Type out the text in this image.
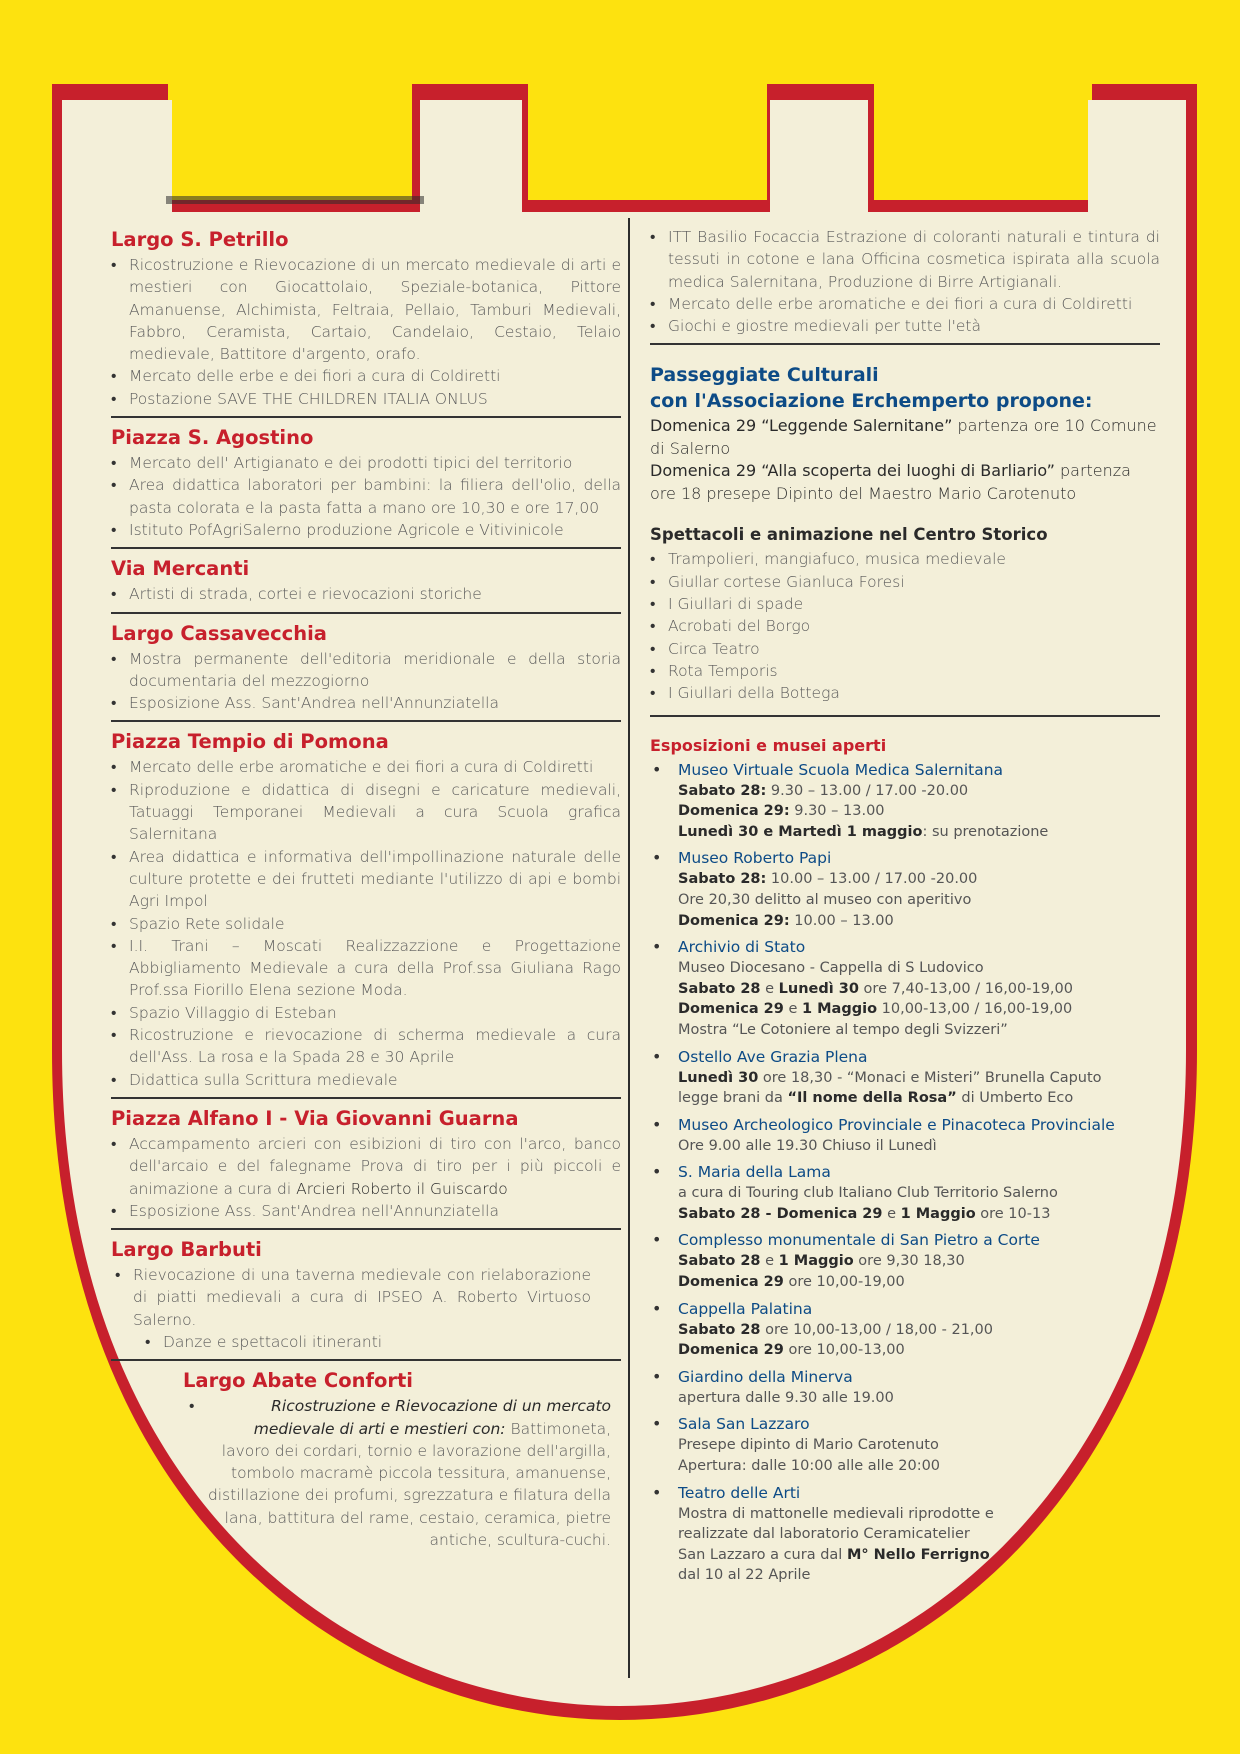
Largo S. Petrillo
• Ricostruzione e Rievocazione di un mercato medievale di arti e mestieri con Giocattolaio, Speziale-botanica, Pittore Amanuense, Alchimista, Feltraia, Pellaio, Tamburi Medievali, Fabbro, Ceramista, Cartaio, Candelaio, Cestaio, Telaio medievale, Battitore d'argento, orafo.
• Mercato delle erbe e dei fiori a cura di Coldiretti
• Postazione SAVE THE CHILDREN ITALIA ONLUS
Piazza S. Agostino
• Mercato dell' Artigianato e dei prodotti tipici del territorio
• Area didattica laboratori per bambini: la filiera dell'olio, della pasta colorata e la pasta fatta a mano ore 10,30 e ore 17,00
• Istituto PofAgriSalerno produzione Agricole e Vitivinicole
Via Mercanti
• Artisti di strada, cortei e rievocazioni storiche
Largo Cassavecchia
• Mostra permanente dell'editoria meridionale e della storia documentaria del mezzogiorno
• Esposizione Ass. Sant'Andrea nell'Annunziatella
Piazza Tempio di Pomona
• Mercato delle erbe aromatiche e dei fiori a cura di Coldiretti
• Riproduzione e didattica di disegni e caricature medievali, Tatuaggi Temporanei Medievali a cura Scuola grafica Salernitana
• Area didattica e informativa dell'impollinazione naturale delle culture protette e dei frutteti mediante l'utilizzo di api e bombi Agri Impol
• Spazio Rete solidale
• I.I. Trani – Moscati Realizzazzione e Progettazione Abbigliamento Medievale a cura della Prof.ssa Giuliana Rago Prof.ssa Fiorillo Elena sezione Moda.
• Spazio Villaggio di Esteban
• Ricostruzione e rievocazione di scherma medievale a cura dell'Ass. La rosa e la Spada 28 e 30 Aprile
• Didattica sulla Scrittura medievale
Piazza Alfano I - Via Giovanni Guarna
• Accampamento arcieri con esibizioni di tiro con l'arco, banco dell'arcaio e del falegname Prova di tiro per i più piccoli e animazione a cura di Arcieri Roberto il Guiscardo
• Esposizione Ass. Sant'Andrea nell'Annunziatella
Largo Barbuti
• Rievocazione di una taverna medievale con rielaborazione di piatti medievali a cura di IPSEO A. Roberto Virtuoso Salerno.
• Danze e spettacoli itineranti
Largo Abate Conforti
• Ricostruzione e Rievocazione di un mercato medievale di arti e mestieri con: Battimoneta, lavoro dei cordari, tornio e lavorazione dell'argilla, tombolo macramè piccola tessitura, amanuense, distillazione dei profumi, sgrezzatura e filatura della lana, battitura del rame, cestaio, ceramica, pietre antiche, scultura-cuchi.
• ITT Basilio Focaccia Estrazione di coloranti naturali e tintura di tessuti in cotone e lana Officina cosmetica ispirata alla scuola medica Salernitana, Produzione di Birre Artigianali.
• Mercato delle erbe aromatiche e dei fiori a cura di Coldiretti
• Giochi e giostre medievali per tutte l'età
Passeggiate Culturali
con l'Associazione Erchemperto propone:
Domenica 29 “Leggende Salernitane” partenza ore 10 Comune di Salerno
Domenica 29 “Alla scoperta dei luoghi di Barliario” partenza ore 18 presepe Dipinto del Maestro Mario Carotenuto
Spettacoli e animazione nel Centro Storico
• Trampolieri, mangiafuco, musica medievale
• Giullar cortese Gianluca Foresi
• I Giullari di spade
• Acrobati del Borgo
• Circa Teatro
• Rota Temporis
• I Giullari della Bottega
Esposizioni e musei aperti
• Museo Virtuale Scuola Medica Salernitana
Sabato 28: 9.30 – 13.00 / 17.00 -20.00
Domenica 29: 9.30 – 13.00
Lunedì 30 e Martedì 1 maggio: su prenotazione
• Museo Roberto Papi
Sabato 28: 10.00 – 13.00 / 17.00 -20.00
Ore 20,30 delitto al museo con aperitivo
Domenica 29: 10.00 – 13.00
• Archivio di Stato
Museo Diocesano - Cappella di S Ludovico
Sabato 28 e Lunedì 30 ore 7,40-13,00 / 16,00-19,00
Domenica 29 e 1 Maggio 10,00-13,00 / 16,00-19,00
Mostra “Le Cotoniere al tempo degli Svizzeri”
• Ostello Ave Grazia Plena
Lunedì 30 ore 18,30 - “Monaci e Misteri” Brunella Caputo
legge brani da “Il nome della Rosa” di Umberto Eco
• Museo Archeologico Provinciale e Pinacoteca Provinciale
Ore 9.00 alle 19.30 Chiuso il Lunedì
• S. Maria della Lama
a cura di Touring club Italiano Club Territorio Salerno
Sabato 28 - Domenica 29 e 1 Maggio ore 10-13
• Complesso monumentale di San Pietro a Corte
Sabato 28 e 1 Maggio ore 9,30 18,30
Domenica 29 ore 10,00-19,00
• Cappella Palatina
Sabato 28 ore 10,00-13,00 / 18,00 - 21,00
Domenica 29 ore 10,00-13,00
• Giardino della Minerva
apertura dalle 9.30 alle 19.00
• Sala San Lazzaro
Presepe dipinto di Mario Carotenuto
Apertura: dalle 10:00 alle alle 20:00
• Teatro delle Arti
Mostra di mattonelle medievali riprodotte e
realizzate dal laboratorio Ceramicatelier
San Lazzaro a cura dal M° Nello Ferrigno
dal 10 al 22 Aprile
